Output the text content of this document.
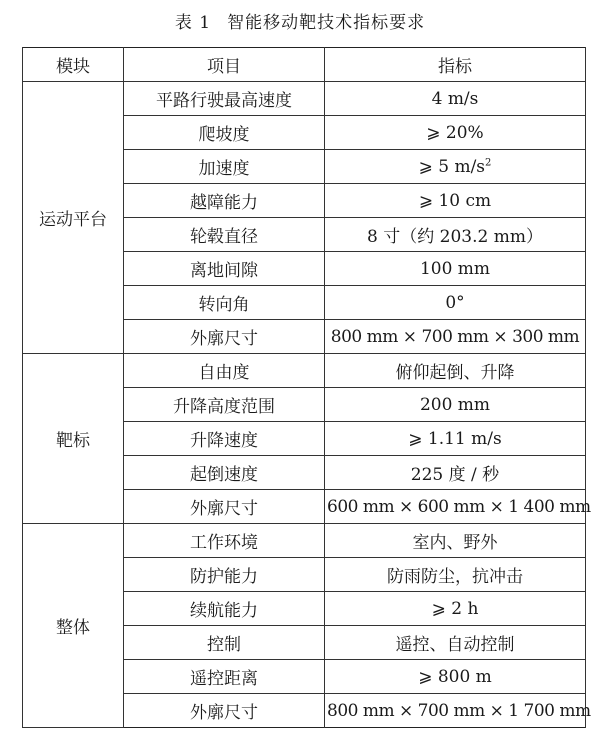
表 1 智能移动靶技术指标要求
模块	项目	指标
运动平台	平路行驶最高速度	4 m/s
	爬坡度	⩾ 20%
	加速度	⩾ 5 $m/s^2$
	越障能力	⩾ 10 cm
	轮毂直径	8 寸（约 203.2 mm）
	离地间隙	100 mm
	转向角	0°
	外廓尺寸	800 mm × 700 mm × 300 mm
靶标	自由度	俯仰起倒、升降
	升降高度范围	200 mm
	升降速度	⩾ 1.11 m/s
	起倒速度	225 度 / 秒
	外廓尺寸	600 mm × 600 mm × 1 400 mm
整体	工作环境	室内、野外
	防护能力	防雨防尘，抗冲击
	续航能力	⩾ 2 h
	控制	遥控、自动控制
	遥控距离	⩾ 800 m
	外廓尺寸	800 mm × 700 mm × 1 700 mm
